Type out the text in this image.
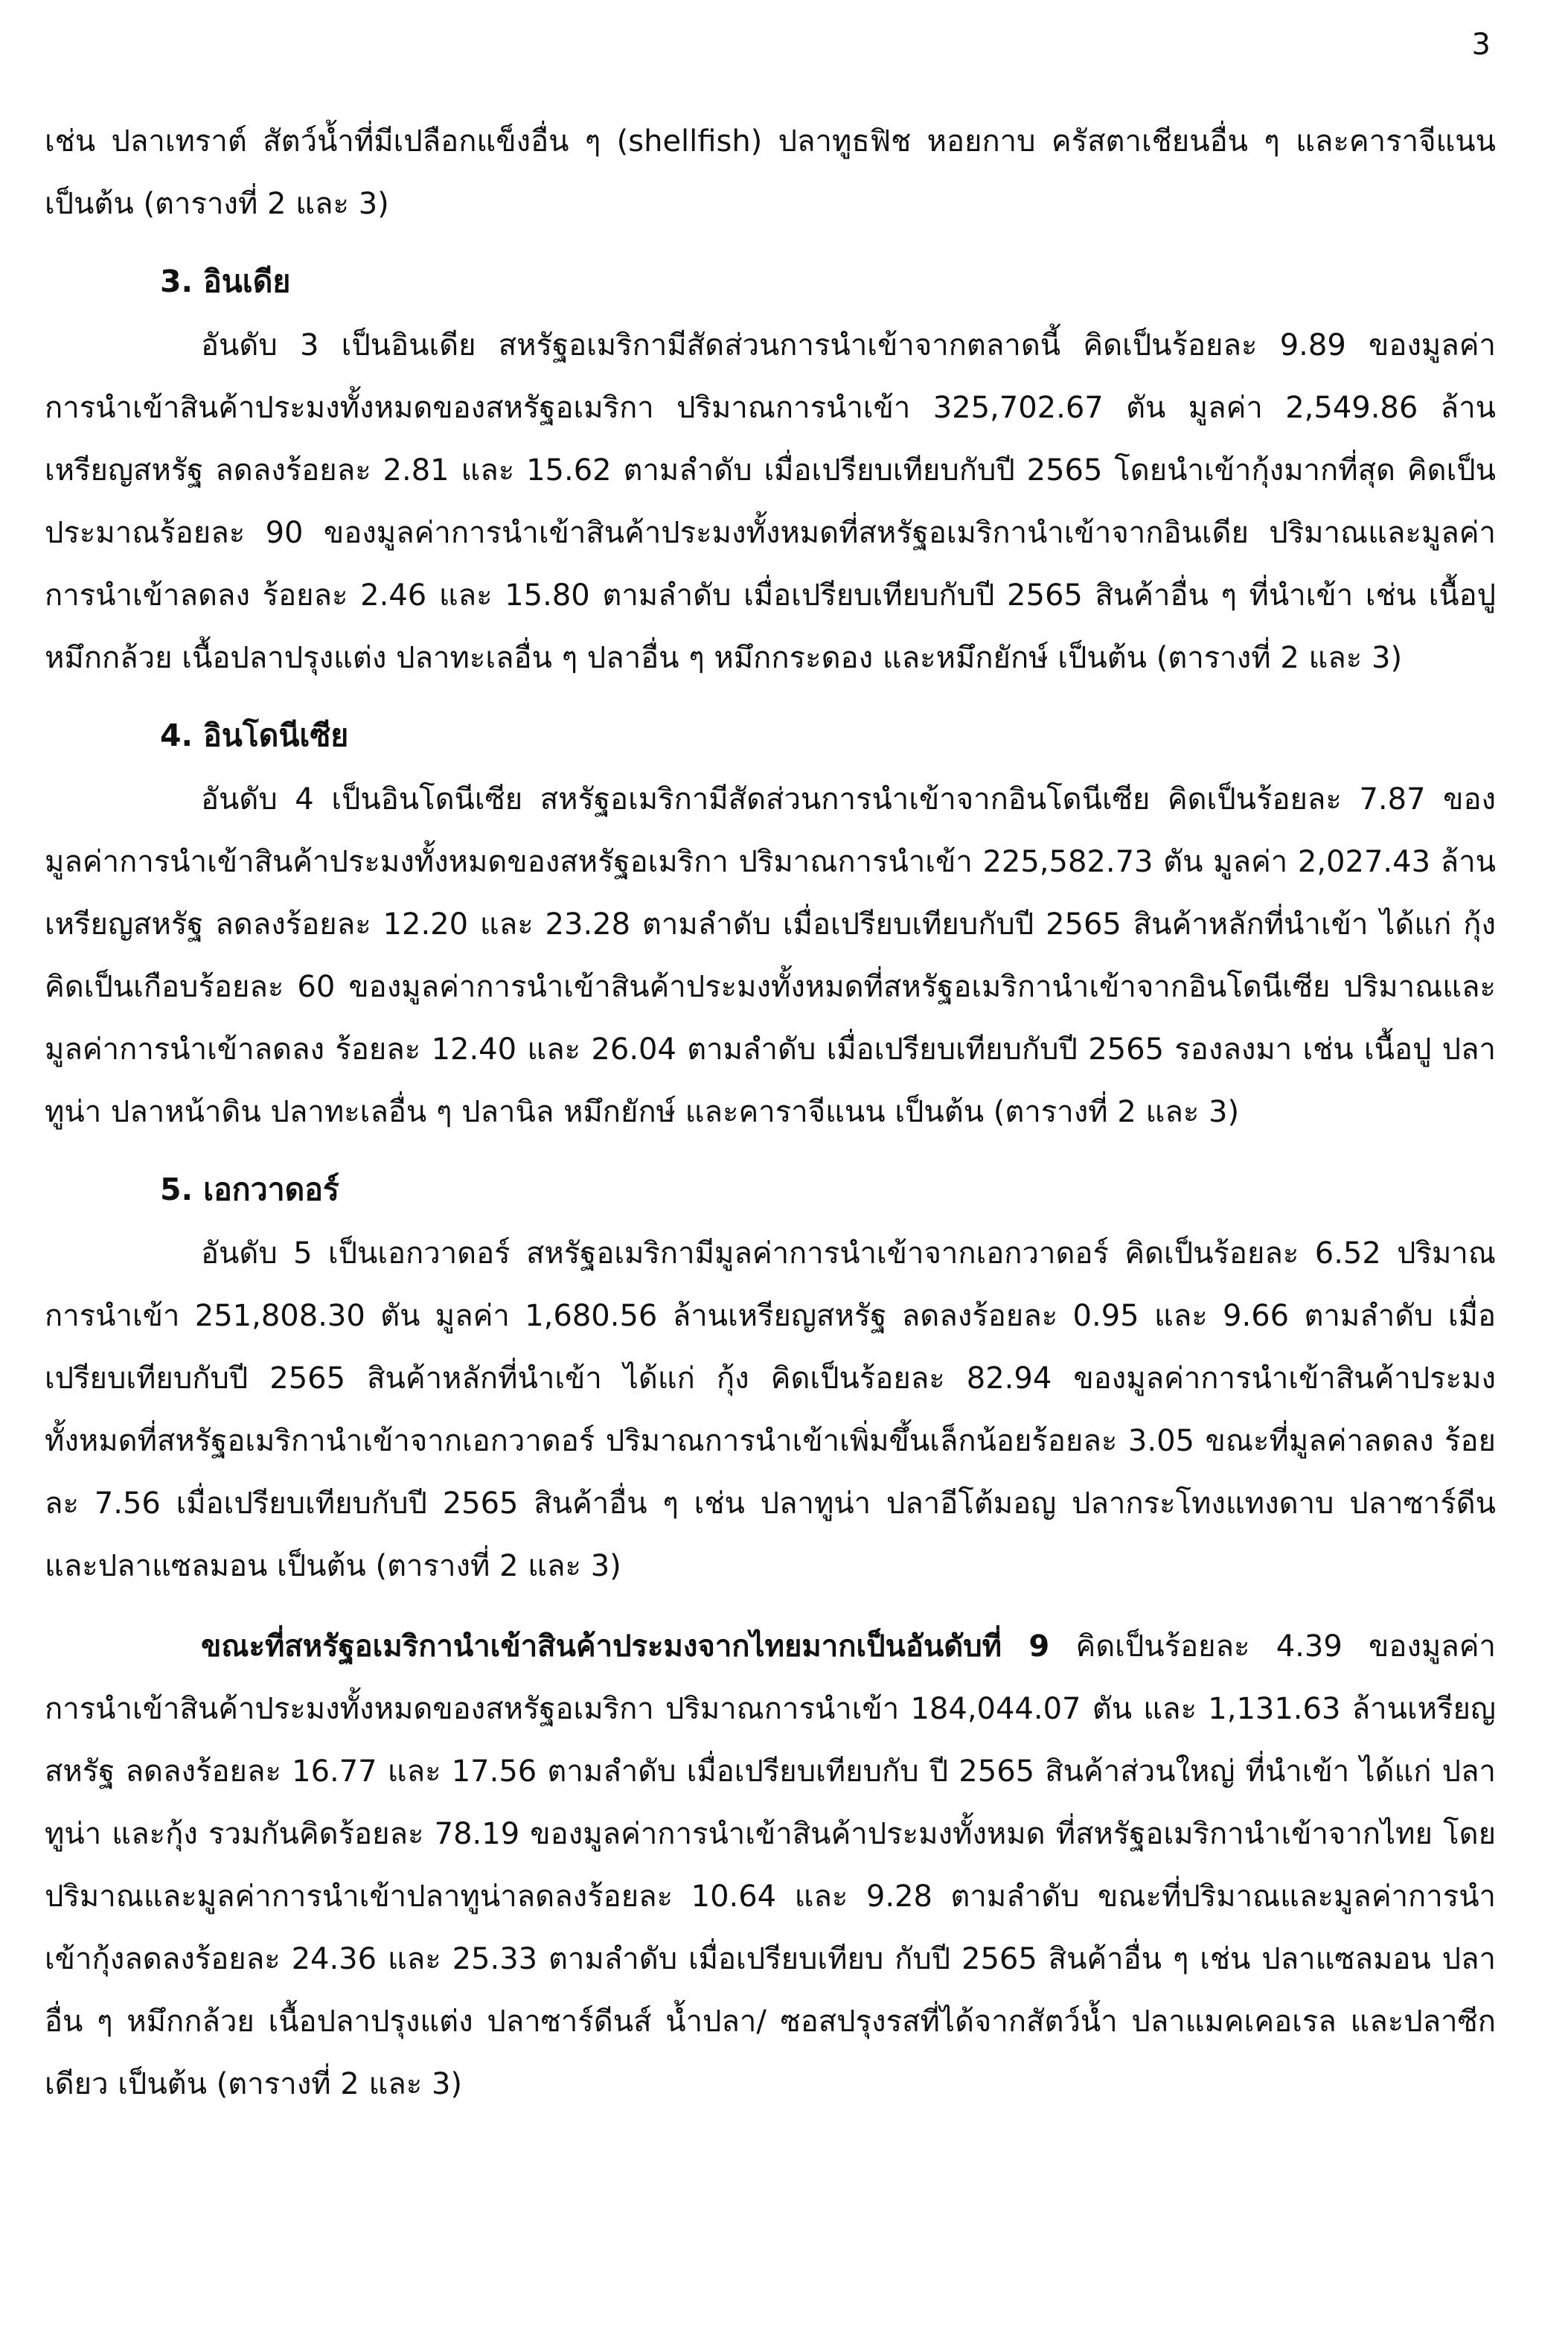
3

เช่น ปลาเทราต์ สัตว์น้ำที่มีเปลือกแข็งอื่น ๆ (shellfish) ปลาทูธฟิช หอยกาบ ครัสตาเชียนอื่น ๆ และคาราจีแนน เป็นต้น (ตารางที่ 2 และ 3)

3. อินเดีย

อันดับ 3 เป็นอินเดีย สหรัฐอเมริกามีสัดส่วนการนำเข้าจากตลาดนี้ คิดเป็นร้อยละ 9.89 ของมูลค่าการนำเข้าสินค้าประมงทั้งหมดของสหรัฐอเมริกา ปริมาณการนำเข้า 325,702.67 ตัน มูลค่า 2,549.86 ล้านเหรียญสหรัฐ ลดลงร้อยละ 2.81 และ 15.62 ตามลำดับ เมื่อเปรียบเทียบกับปี 2565 โดยนำเข้ากุ้งมากที่สุด คิดเป็นประมาณร้อยละ 90 ของมูลค่าการนำเข้าสินค้าประมงทั้งหมดที่สหรัฐอเมริกานำเข้าจากอินเดีย ปริมาณและมูลค่าการนำเข้าลดลง ร้อยละ 2.46 และ 15.80 ตามลำดับ เมื่อเปรียบเทียบกับปี 2565 สินค้าอื่น ๆ ที่นำเข้า เช่น เนื้อปู หมึกกล้วย เนื้อปลาปรุงแต่ง ปลาทะเลอื่น ๆ ปลาอื่น ๆ หมึกกระดอง และหมึกยักษ์ เป็นต้น (ตารางที่ 2 และ 3)

4. อินโดนีเซีย

อันดับ 4 เป็นอินโดนีเซีย สหรัฐอเมริกามีสัดส่วนการนำเข้าจากอินโดนีเซีย คิดเป็นร้อยละ 7.87 ของมูลค่าการนำเข้าสินค้าประมงทั้งหมดของสหรัฐอเมริกา ปริมาณการนำเข้า 225,582.73 ตัน มูลค่า 2,027.43 ล้านเหรียญสหรัฐ ลดลงร้อยละ 12.20 และ 23.28 ตามลำดับ เมื่อเปรียบเทียบกับปี 2565 สินค้าหลักที่นำเข้า ได้แก่ กุ้ง คิดเป็นเกือบร้อยละ 60 ของมูลค่าการนำเข้าสินค้าประมงทั้งหมดที่สหรัฐอเมริกานำเข้าจากอินโดนีเซีย ปริมาณและมูลค่าการนำเข้าลดลง ร้อยละ 12.40 และ 26.04 ตามลำดับ เมื่อเปรียบเทียบกับปี 2565 รองลงมา เช่น เนื้อปู ปลาทูน่า ปลาหน้าดิน ปลาทะเลอื่น ๆ ปลานิล หมึกยักษ์ และคาราจีแนน เป็นต้น (ตารางที่ 2 และ 3)

5. เอกวาดอร์

อันดับ 5 เป็นเอกวาดอร์ สหรัฐอเมริกามีมูลค่าการนำเข้าจากเอกวาดอร์ คิดเป็นร้อยละ 6.52 ปริมาณการนำเข้า 251,808.30 ตัน มูลค่า 1,680.56 ล้านเหรียญสหรัฐ ลดลงร้อยละ 0.95 และ 9.66 ตามลำดับ เมื่อเปรียบเทียบกับปี 2565 สินค้าหลักที่นำเข้า ได้แก่ กุ้ง คิดเป็นร้อยละ 82.94 ของมูลค่าการนำเข้าสินค้าประมงทั้งหมดที่สหรัฐอเมริกานำเข้าจากเอกวาดอร์ ปริมาณการนำเข้าเพิ่มขึ้นเล็กน้อยร้อยละ 3.05 ขณะที่มูลค่าลดลง ร้อยละ 7.56 เมื่อเปรียบเทียบกับปี 2565 สินค้าอื่น ๆ เช่น ปลาทูน่า ปลาอีโต้มอญ ปลากระโทงแทงดาบ ปลาซาร์ดีน และปลาแซลมอน เป็นต้น (ตารางที่ 2 และ 3)

ขณะที่สหรัฐอเมริกานำเข้าสินค้าประมงจากไทยมากเป็นอันดับที่ 9 คิดเป็นร้อยละ 4.39 ของมูลค่าการนำเข้าสินค้าประมงทั้งหมดของสหรัฐอเมริกา ปริมาณการนำเข้า 184,044.07 ตัน และ 1,131.63 ล้านเหรียญสหรัฐ ลดลงร้อยละ 16.77 และ 17.56 ตามลำดับ เมื่อเปรียบเทียบกับ ปี 2565 สินค้าส่วนใหญ่ ที่นำเข้า ได้แก่ ปลาทูน่า และกุ้ง รวมกันคิดร้อยละ 78.19 ของมูลค่าการนำเข้าสินค้าประมงทั้งหมด ที่สหรัฐอเมริกานำเข้าจากไทย โดยปริมาณและมูลค่าการนำเข้าปลาทูน่าลดลงร้อยละ 10.64 และ 9.28 ตามลำดับ ขณะที่ปริมาณและมูลค่าการนำเข้ากุ้งลดลงร้อยละ 24.36 และ 25.33 ตามลำดับ เมื่อเปรียบเทียบ กับปี 2565 สินค้าอื่น ๆ เช่น ปลาแซลมอน ปลาอื่น ๆ หมึกกล้วย เนื้อปลาปรุงแต่ง ปลาซาร์ดีนส์ น้ำปลา/ ซอสปรุงรสที่ได้จากสัตว์น้ำ ปลาแมคเคอเรล และปลาซีกเดียว เป็นต้น (ตารางที่ 2 และ 3)
